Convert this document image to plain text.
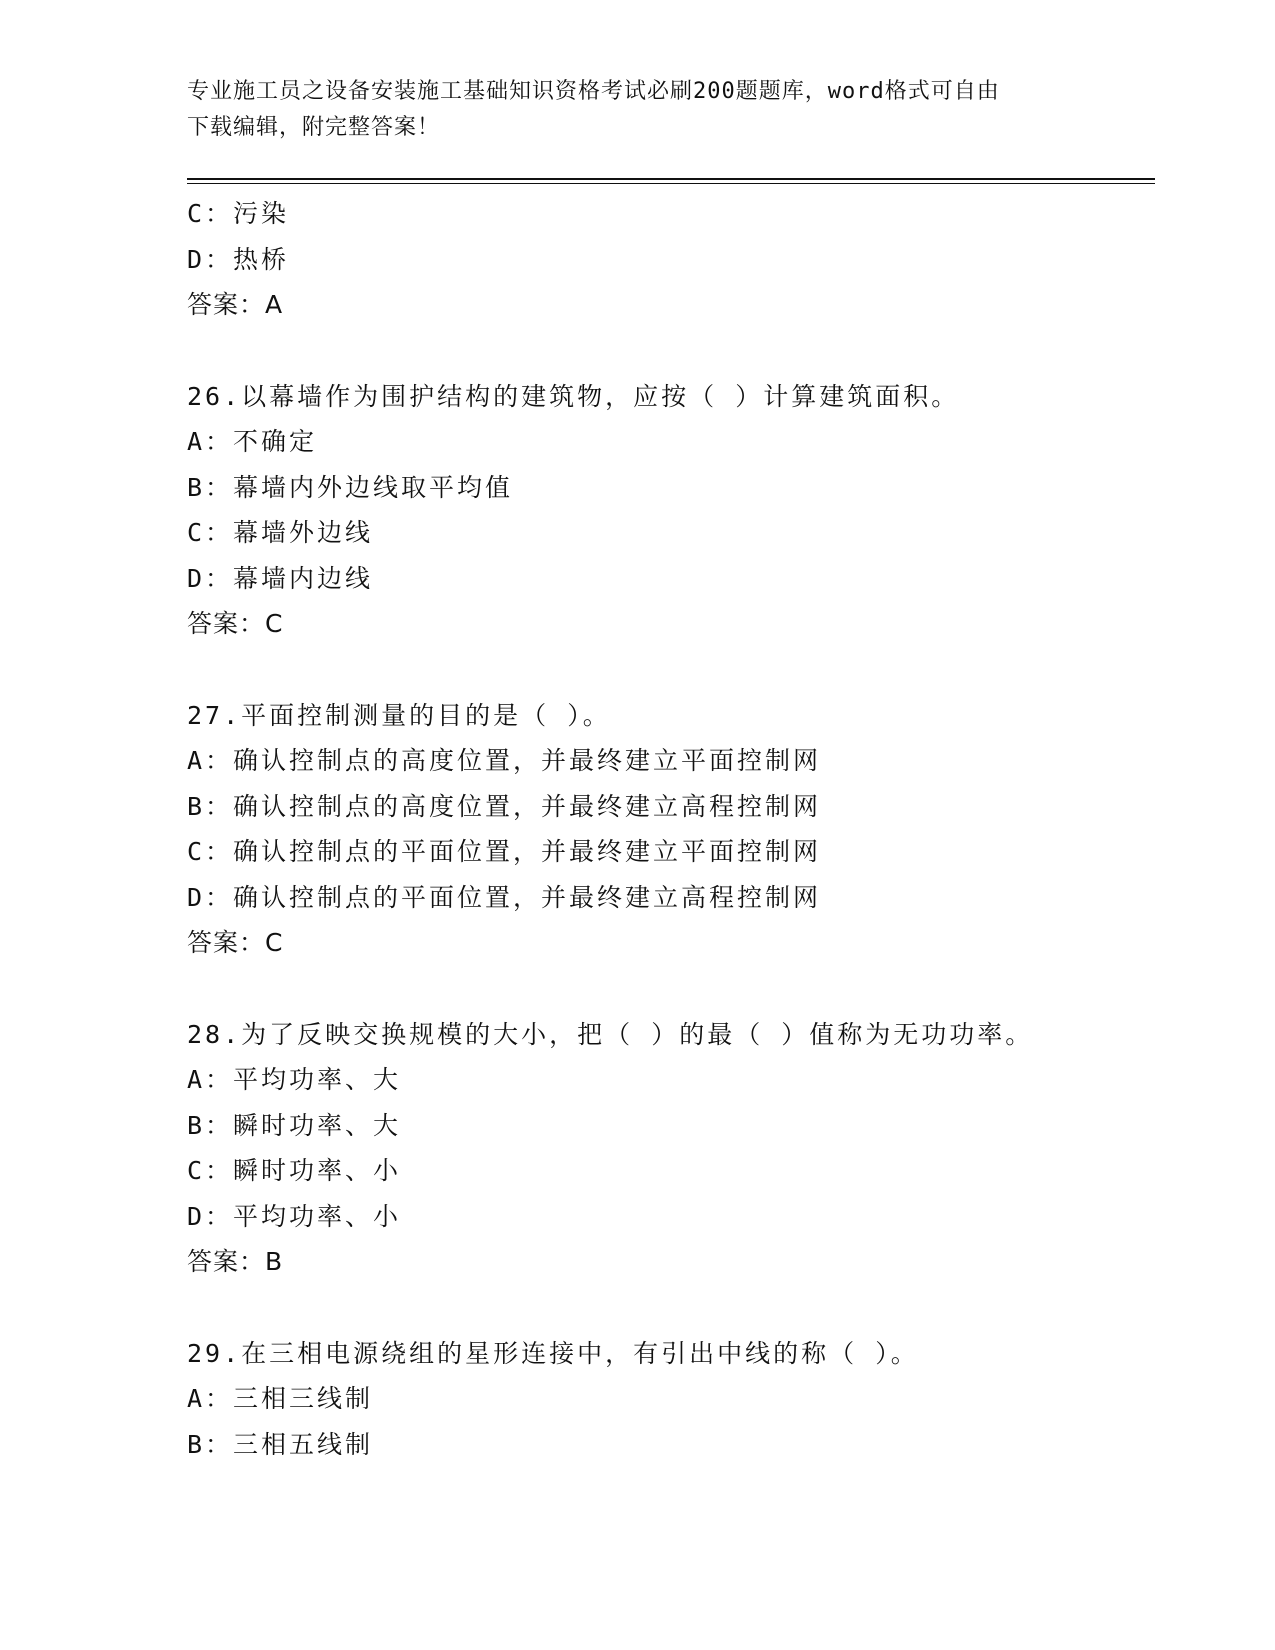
专业施工员之设备安装施工基础知识资格考试必刷200题题库，word格式可自由
下载编辑，附完整答案！
C：污染
D：热桥
答案：A
26.以幕墙作为围护结构的建筑物，应按（ ）计算建筑面积。
A：不确定
B：幕墙内外边线取平均值
C：幕墙外边线
D：幕墙内边线
答案：C
27.平面控制测量的目的是（ ）。
A：确认控制点的高度位置，并最终建立平面控制网
B：确认控制点的高度位置，并最终建立高程控制网
C：确认控制点的平面位置，并最终建立平面控制网
D：确认控制点的平面位置，并最终建立高程控制网
答案：C
28.为了反映交换规模的大小，把（ ）的最（ ）值称为无功功率。
A：平均功率、大
B：瞬时功率、大
C：瞬时功率、小
D：平均功率、小
答案：B
29.在三相电源绕组的星形连接中，有引出中线的称（ ）。
A：三相三线制
B：三相五线制
